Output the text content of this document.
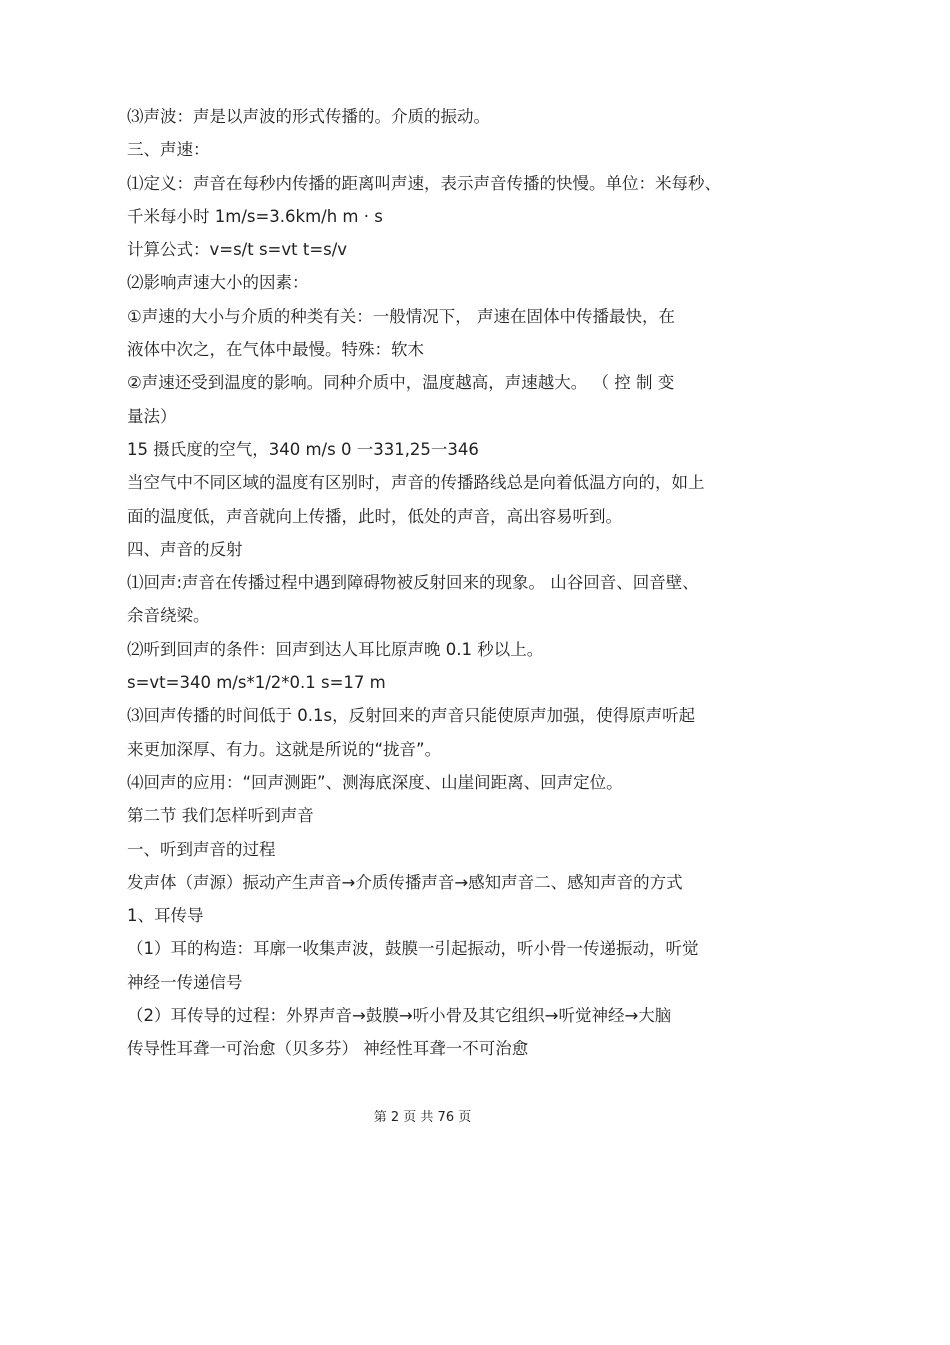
⑶声波：声是以声波的形式传播的。介质的振动。
三、声速：
⑴定义：声音在每秒内传播的距离叫声速，表示声音传播的快慢。单位：米每秒、
千米每小时 1m/s=3.6km/h m · s
计算公式：v=s/t s=vt t=s/v
⑵影响声速大小的因素：
①声速的大小与介质的种类有关：一般情况下， 声速在固体中传播最快，在
液体中次之，在气体中最慢。特殊：软木
②声速还受到温度的影响。同种介质中，温度越高，声速越大。 （ 控 制 变
量法）
15 摄氏度的空气，340 m/s 0 一331,25一346
当空气中不同区域的温度有区别时，声音的传播路线总是向着低温方向的，如上
面的温度低，声音就向上传播，此时，低处的声音，高出容易听到。
四、声音的反射
⑴回声:声音在传播过程中遇到障碍物被反射回来的现象。 山谷回音、回音壁、
余音绕梁。
⑵听到回声的条件：回声到达人耳比原声晚 0.1 秒以上。
s=vt=340 m/s*1/2*0.1 s=17 m
⑶回声传播的时间低于 0.1s，反射回来的声音只能使原声加强，使得原声听起
来更加深厚、有力。这就是所说的“拢音”。
⑷回声的应用：“回声测距”、测海底深度、山崖间距离、回声定位。
第二节 我们怎样听到声音
一、听到声音的过程
发声体（声源）振动产生声音→介质传播声音→感知声音二、感知声音的方式
1、耳传导
（1）耳的构造：耳廓一收集声波，鼓膜一引起振动，听小骨一传递振动，听觉
神经一传递信号
（2）耳传导的过程：外界声音→鼓膜→听小骨及其它组织→听觉神经→大脑
传导性耳聋一可治愈（贝多芬） 神经性耳聋一不可治愈
第 2 页 共 76 页
